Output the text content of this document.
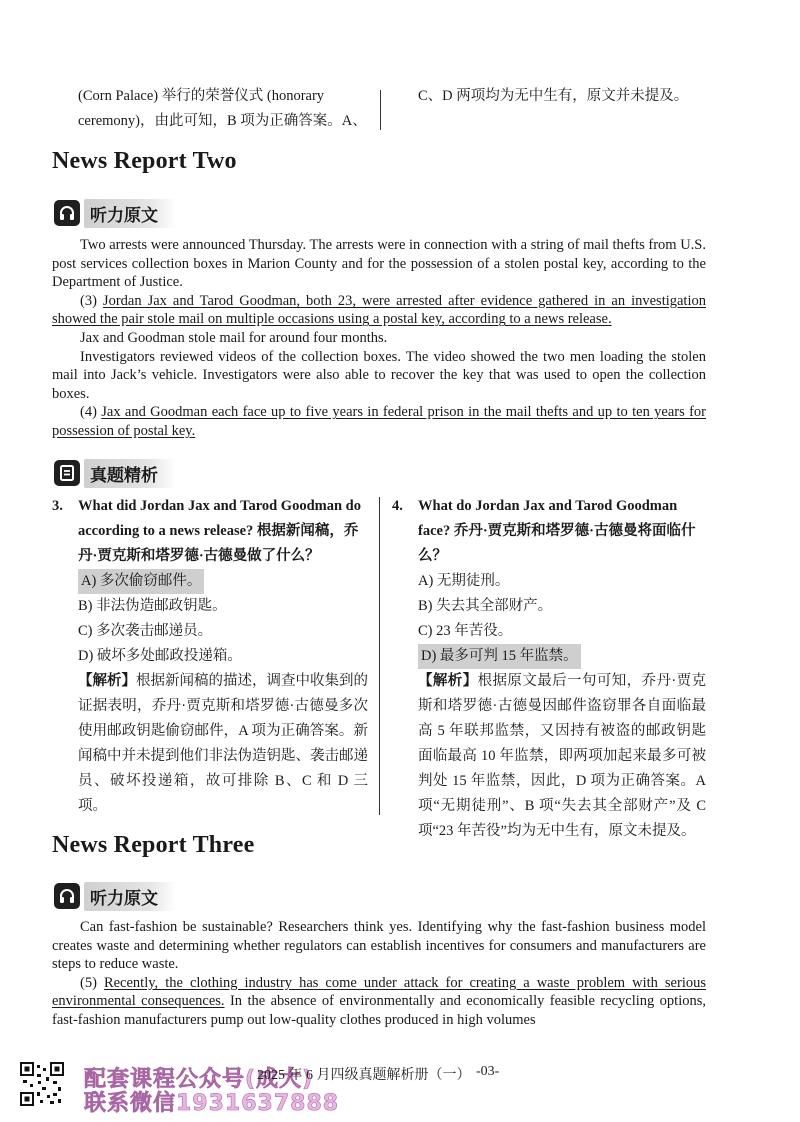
(Corn Palace) 举行的荣誉仪式 (honorary ceremony)，由此可知，B 项为正确答案。A、
C、D 两项均为无中生有，原文并未提及。
News Report Two
听力原文

Two arrests were announced Thursday. The arrests were in connection with a string of mail thefts from U.S. post services collection boxes in Marion County and for the possession of a stolen postal key, according to the Department of Justice.

(3) Jordan Jax and Tarod Goodman, both 23, were arrested after evidence gathered in an investigation showed the pair stole mail on multiple occasions using a postal key, according to a news release.

Jax and Goodman stole mail for around four months.

Investigators reviewed videos of the collection boxes. The video showed the two men loading the stolen mail into Jack’s vehicle. Investigators were also able to recover the key that was used to open the collection boxes.

(4) Jax and Goodman each face up to five years in federal prison in the mail thefts and up to ten years for possession of postal key.

真题精析
3.	What did Jordan Jax and Tarod Goodman do according to a news release? 根据新闻稿，乔丹·贾克斯和塔罗德·古德曼做了什么？
A) 多次偷窃邮件。
B) 非法伪造邮政钥匙。
C) 多次袭击邮递员。
D) 破坏多处邮政投递箱。
【解析】根据新闻稿的描述，调查中收集到的证据表明，乔丹·贾克斯和塔罗德·古德曼多次使用邮政钥匙偷窃邮件，A 项为正确答案。新闻稿中并未提到他们非法伪造钥匙、袭击邮递员、破坏投递箱，故可排除 B、C 和 D 三项。
4.	What do Jordan Jax and Tarod Goodman face? 乔丹·贾克斯和塔罗德·古德曼将面临什么？
A) 无期徒刑。
B) 失去其全部财产。
C) 23 年苦役。
D) 最多可判 15 年监禁。
【解析】根据原文最后一句可知，乔丹·贾克斯和塔罗德·古德曼因邮件盗窃罪各自面临最高 5 年联邦监禁，又因持有被盗的邮政钥匙面临最高 10 年监禁，即两项加起来最多可被判处 15 年监禁，因此，D 项为正确答案。A 项“无期徒刑”、B 项“失去其全部财产”及 C 项“23 年苦役”均为无中生有，原文未提及。
News Report Three
听力原文

Can fast-fashion be sustainable? Researchers think yes. Identifying why the fast-fashion business model creates waste and determining whether regulators can establish incentives for consumers and manufacturers are steps to reduce waste.

(5) Recently, the clothing industry has come under attack for creating a waste problem with serious environmental consequences. In the absence of environmentally and economically feasible recycling options, fast-fashion manufacturers pump out low-quality clothes produced in high volumes

配套课程公众号(成大)
联系微信1931637888
2025 年 6 月四级真题解析册（一） -03-
